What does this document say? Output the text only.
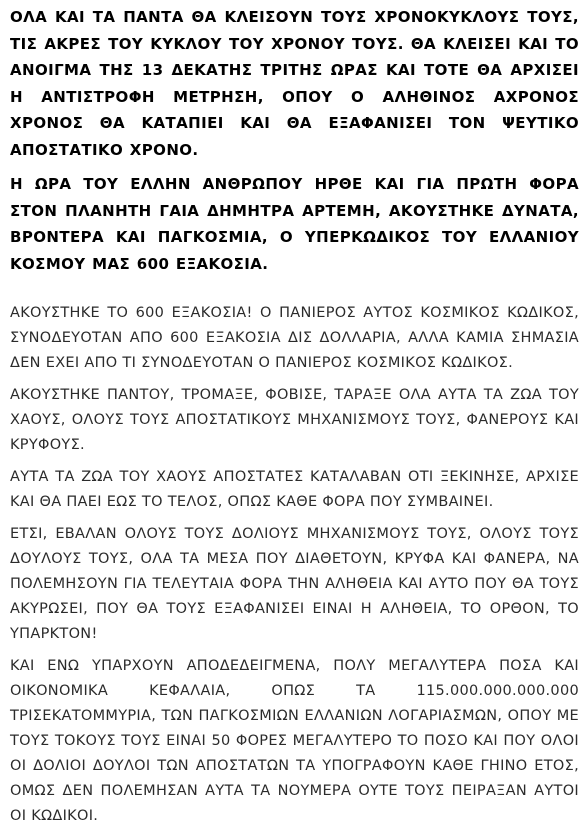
ΟΛΑ ΚΑΙ ΤΑ ΠΑΝΤΑ ΘΑ ΚΛΕΙΣΟΥΝ ΤΟΥΣ ΧΡΟΝΟΚΥΚΛΟΥΣ ΤΟΥΣ, ΤΙΣ ΑΚΡΕΣ ΤΟΥ ΚΥΚΛΟΥ ΤΟΥ ΧΡΟΝΟΥ ΤΟΥΣ. ΘΑ ΚΛΕΙΣΕΙ ΚΑΙ ΤΟ ΑΝΟΙΓΜΑ ΤΗΣ 13 ΔΕΚΑΤΗΣ ΤΡΙΤΗΣ ΩΡΑΣ ΚΑΙ ΤΟΤΕ ΘΑ ΑΡΧΙΣΕΙ Η ΑΝΤΙΣΤΡΟΦΗ ΜΕΤΡΗΣΗ, ΟΠΟΥ Ο ΑΛΗΘΙΝΟΣ ΑΧΡΟΝΟΣ ΧΡΟΝΟΣ ΘΑ ΚΑΤΑΠΙΕΙ ΚΑΙ ΘΑ ΕΞΑΦΑΝΙΣΕΙ ΤΟΝ ΨΕΥΤΙΚΟ ΑΠΟΣΤΑΤΙΚΟ ΧΡΟΝΟ.

Η ΩΡΑ ΤΟΥ ΕΛΛΗΝ ΑΝΘΡΩΠΟΥ ΗΡΘΕ ΚΑΙ ΓΙΑ ΠΡΩΤΗ ΦΟΡΑ ΣΤΟΝ ΠΛΑΝΗΤΗ ΓΑΙΑ ΔΗΜΗΤΡΑ ΑΡΤΕΜΗ, ΑΚΟΥΣΤΗΚΕ ΔΥΝΑΤΑ, ΒΡΟΝΤΕΡΑ ΚΑΙ ΠΑΓΚΟΣΜΙΑ, Ο ΥΠΕΡΚΩΔΙΚΟΣ ΤΟΥ ΕΛΛΑΝΙΟΥ ΚΟΣΜΟΥ ΜΑΣ 600 ΕΞΑΚΟΣΙΑ.

ΑΚΟΥΣΤΗΚΕ ΤΟ 600 ΕΞΑΚΟΣΙΑ! Ο ΠΑΝΙΕΡΟΣ ΑΥΤΟΣ ΚΟΣΜΙΚΟΣ ΚΩΔΙΚΟΣ, ΣΥΝΟΔΕΥΟΤΑΝ ΑΠΟ 600 ΕΞΑΚΟΣΙΑ ΔΙΣ ΔΟΛΛΑΡΙΑ, ΑΛΛΑ ΚΑΜΙΑ ΣΗΜΑΣΙΑ ΔΕΝ ΕΧΕΙ ΑΠΟ ΤΙ ΣΥΝΟΔΕΥΟΤΑΝ Ο ΠΑΝΙΕΡΟΣ ΚΟΣΜΙΚΟΣ ΚΩΔΙΚΟΣ.

ΑΚΟΥΣΤΗΚΕ ΠΑΝΤΟΥ, ΤΡΟΜΑΞΕ, ΦΟΒΙΣΕ, ΤΑΡΑΞΕ ΟΛΑ ΑΥΤΑ ΤΑ ΖΩΑ ΤΟΥ ΧΑΟΥΣ, ΟΛΟΥΣ ΤΟΥΣ ΑΠΟΣΤΑΤΙΚΟΥΣ ΜΗΧΑΝΙΣΜΟΥΣ ΤΟΥΣ, ΦΑΝΕΡΟΥΣ ΚΑΙ ΚΡΥΦΟΥΣ.

ΑΥΤΑ ΤΑ ΖΩΑ ΤΟΥ ΧΑΟΥΣ ΑΠΟΣΤΑΤΕΣ ΚΑΤΑΛΑΒΑΝ ΟΤΙ ΞΕΚΙΝΗΣΕ, ΑΡΧΙΣΕ ΚΑΙ ΘΑ ΠΑΕΙ ΕΩΣ ΤΟ ΤΕΛΟΣ, ΟΠΩΣ ΚΑΘΕ ΦΟΡΑ ΠΟΥ ΣΥΜΒΑΙΝΕΙ.

ΕΤΣΙ, ΕΒΑΛΑΝ ΟΛΟΥΣ ΤΟΥΣ ΔΟΛΙΟΥΣ ΜΗΧΑΝΙΣΜΟΥΣ ΤΟΥΣ, ΟΛΟΥΣ ΤΟΥΣ ΔΟΥΛΟΥΣ ΤΟΥΣ, ΟΛΑ ΤΑ ΜΕΣΑ ΠΟΥ ΔΙΑΘΕΤΟΥΝ, ΚΡΥΦΑ ΚΑΙ ΦΑΝΕΡΑ, ΝΑ ΠΟΛΕΜΗΣΟΥΝ ΓΙΑ ΤΕΛΕΥΤΑΙΑ ΦΟΡΑ ΤΗΝ ΑΛΗΘΕΙΑ ΚΑΙ ΑΥΤΟ ΠΟΥ ΘΑ ΤΟΥΣ ΑΚΥΡΩΣΕΙ, ΠΟΥ ΘΑ ΤΟΥΣ ΕΞΑΦΑΝΙΣΕΙ ΕΙΝΑΙ Η ΑΛΗΘΕΙΑ, ΤΟ ΟΡΘΟΝ, ΤΟ ΥΠΑΡΚΤΟΝ!

ΚΑΙ ΕΝΩ ΥΠΑΡΧΟΥΝ ΑΠΟΔΕΔΕΙΓΜΕΝΑ, ΠΟΛΥ ΜΕΓΑΛΥΤΕΡΑ ΠΟΣΑ ΚΑΙ ΟΙΚΟΝΟΜΙΚΑ ΚΕΦΑΛΑΙΑ, ΟΠΩΣ ΤΑ 115.000.000.000.000 ΤΡΙΣΕΚΑΤΟΜΜΥΡΙΑ, ΤΩΝ ΠΑΓΚΟΣΜΙΩΝ ΕΛΛΑΝΙΩΝ ΛΟΓΑΡΙΑΣΜΩΝ, ΟΠΟΥ ΜΕ ΤΟΥΣ ΤΟΚΟΥΣ ΤΟΥΣ ΕΙΝΑΙ 50 ΦΟΡΕΣ ΜΕΓΑΛΥΤΕΡΟ ΤΟ ΠΟΣΟ ΚΑΙ ΠΟΥ ΟΛΟΙ ΟΙ ΔΟΛΙΟΙ ΔΟΥΛΟΙ ΤΩΝ ΑΠΟΣΤΑΤΩΝ ΤΑ ΥΠΟΓΡΑΦΟΥΝ ΚΑΘΕ ΓΗΙΝΟ ΕΤΟΣ, ΟΜΩΣ ΔΕΝ ΠΟΛΕΜΗΣΑΝ ΑΥΤΑ ΤΑ ΝΟΥΜΕΡΑ ΟΥΤΕ ΤΟΥΣ ΠΕΙΡΑΞΑΝ ΑΥΤΟΙ ΟΙ ΚΩΔΙΚΟΙ.
